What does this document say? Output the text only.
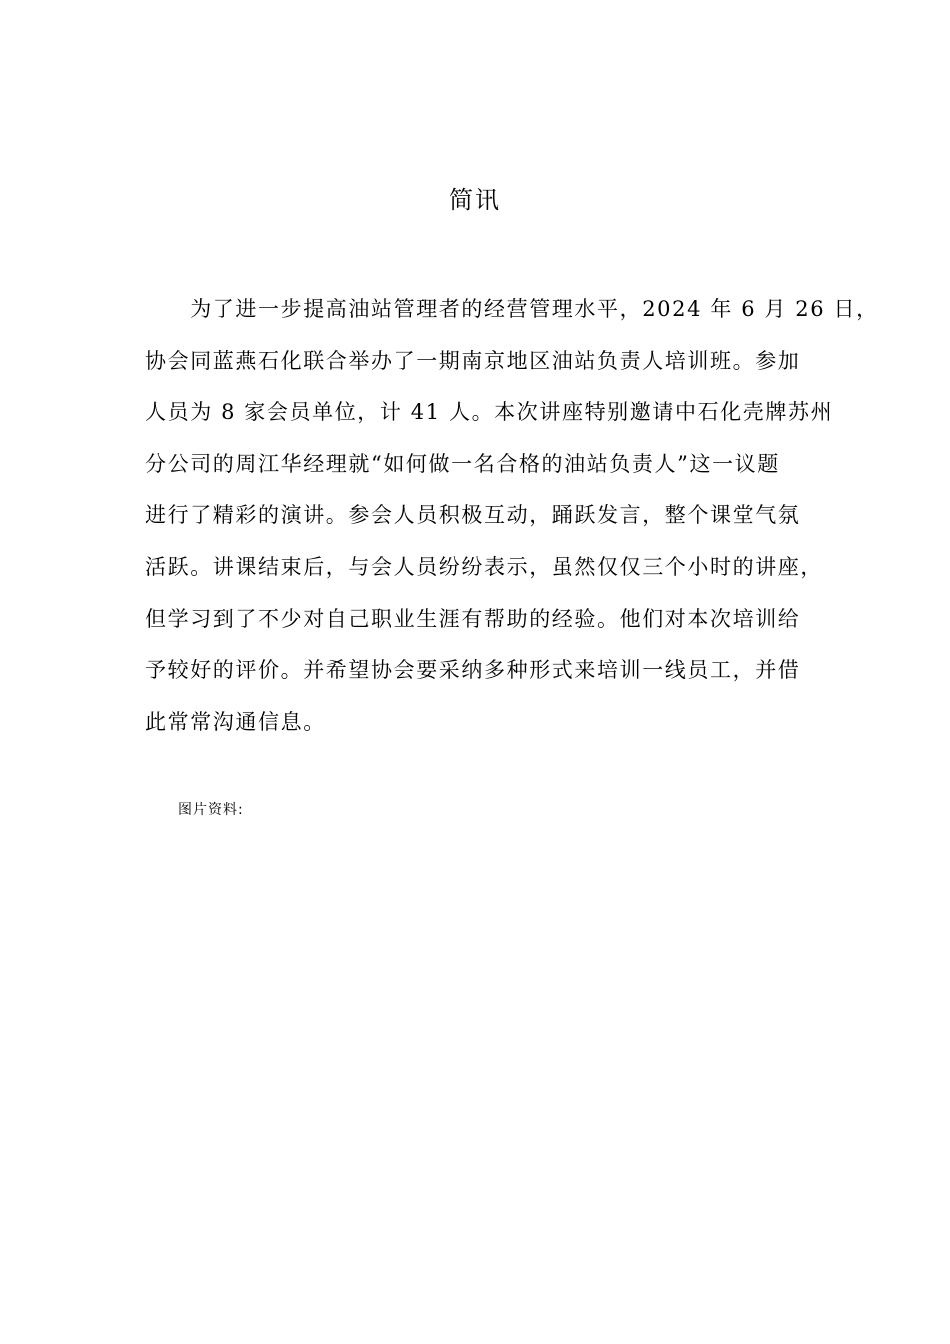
简讯
　　为了进一步提高油站管理者的经营管理水平，2024 年 6 月 26 日，
协会同蓝燕石化联合举办了一期南京地区油站负责人培训班。参加
人员为 8 家会员单位，计 41 人。本次讲座特别邀请中石化壳牌苏州
分公司的周江华经理就“如何做一名合格的油站负责人”这一议题
进行了精彩的演讲。参会人员积极互动，踊跃发言，整个课堂气氛
活跃。讲课结束后，与会人员纷纷表示，虽然仅仅三个小时的讲座，
但学习到了不少对自己职业生涯有帮助的经验。他们对本次培训给
予较好的评价。并希望协会要采纳多种形式来培训一线员工，并借
此常常沟通信息。
图片资料:
